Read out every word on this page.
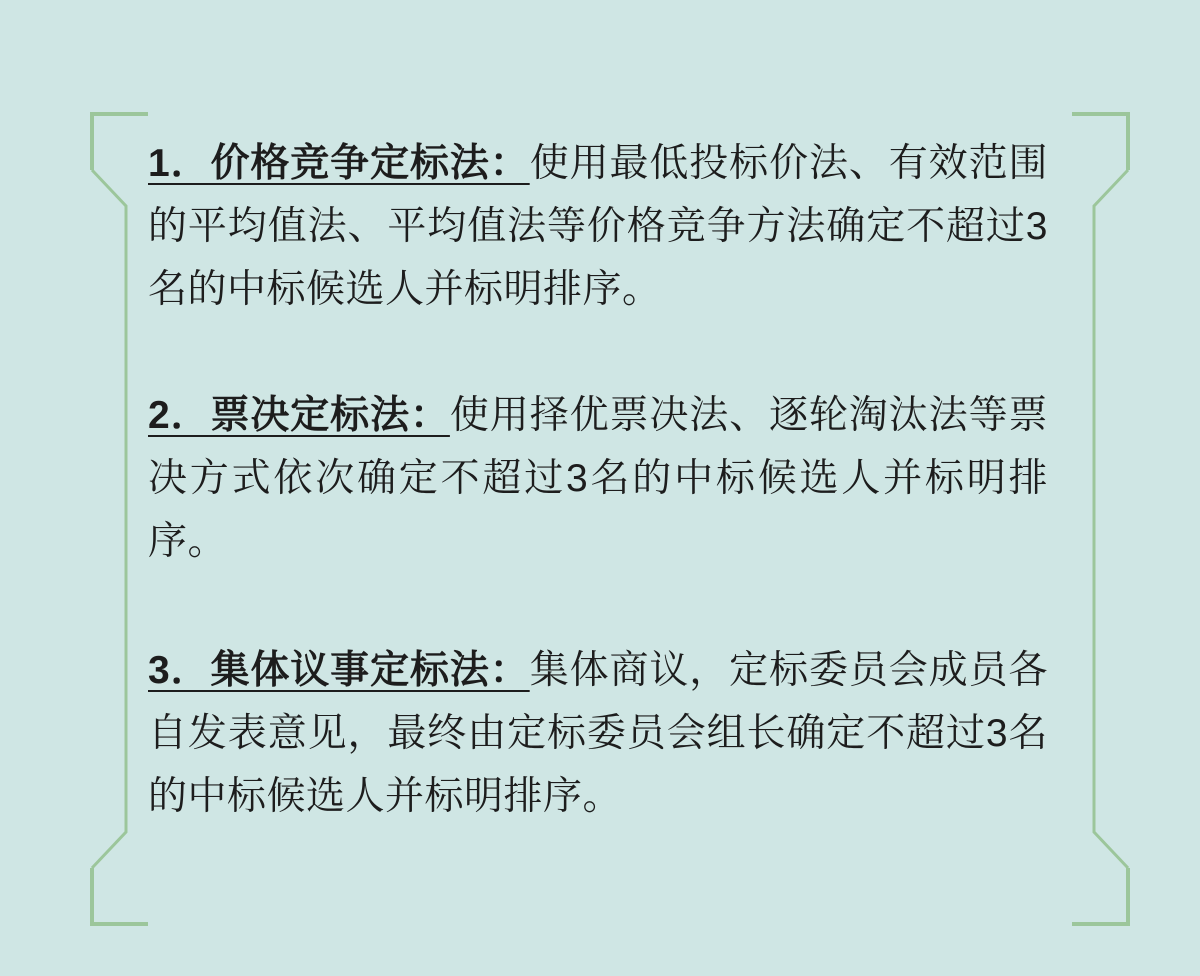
1．价格竞争定标法：使用最低投标价法、有效范围的平均值法、平均值法等价格竞争方法确定不超过3名的中标候选人并标明排序。

2．票决定标法：使用择优票决法、逐轮淘汰法等票决方式依次确定不超过3名的中标候选人并标明排序。

3．集体议事定标法：集体商议，定标委员会成员各自发表意见，最终由定标委员会组长确定不超过3名的中标候选人并标明排序。
